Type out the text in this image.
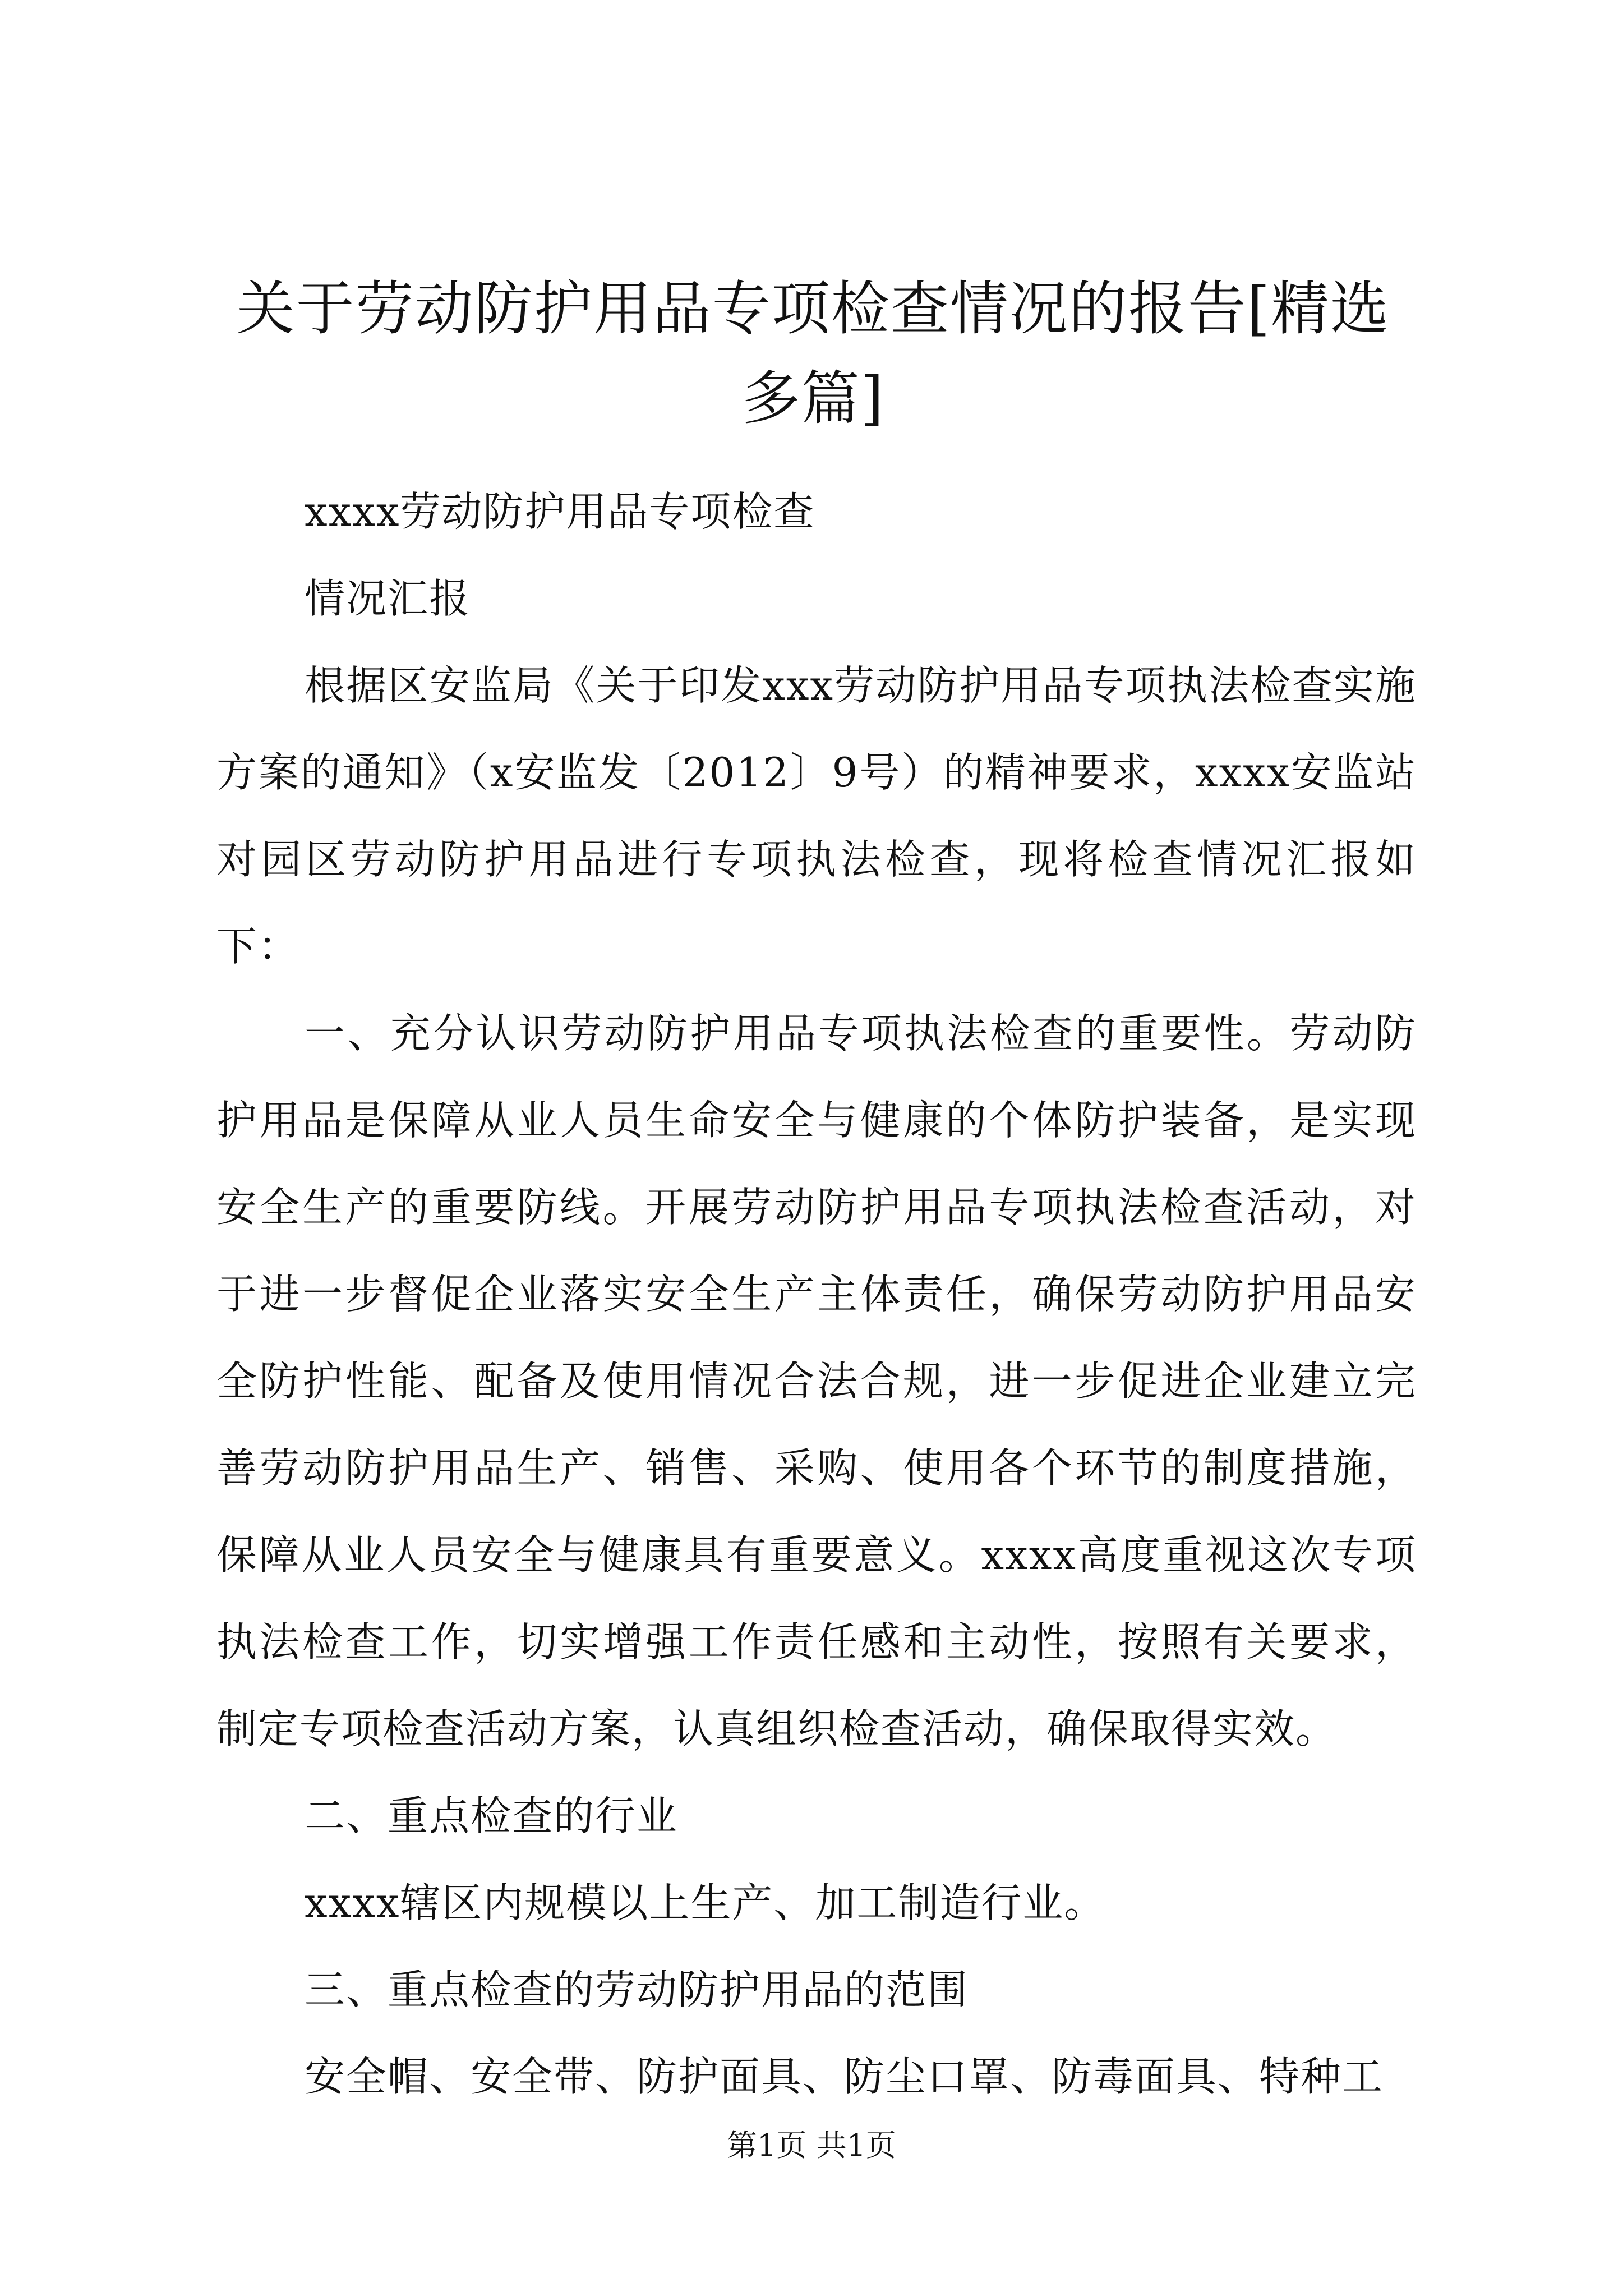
关于劳动防护用品专项检查情况的报告[精选多篇]

xxxx劳动防护用品专项检查

情况汇报

根据区安监局《关于印发xxx劳动防护用品专项执法检查实施方案的通知》（x安监发〔2012〕9号）的精神要求，xxxx安监站对园区劳动防护用品进行专项执法检查，现将检查情况汇报如下：

一、充分认识劳动防护用品专项执法检查的重要性。劳动防护用品是保障从业人员生命安全与健康的个体防护装备，是实现安全生产的重要防线。开展劳动防护用品专项执法检查活动，对于进一步督促企业落实安全生产主体责任，确保劳动防护用品安全防护性能、配备及使用情况合法合规，进一步促进企业建立完善劳动防护用品生产、销售、采购、使用各个环节的制度措施，保障从业人员安全与健康具有重要意义。xxxx高度重视这次专项执法检查工作，切实增强工作责任感和主动性，按照有关要求，制定专项检查活动方案，认真组织检查活动，确保取得实效。

二、重点检查的行业

xxxx辖区内规模以上生产、加工制造行业。

三、重点检查的劳动防护用品的范围

安全帽、安全带、防护面具、防尘口罩、防毒面具、特种工

第1页 共1页
